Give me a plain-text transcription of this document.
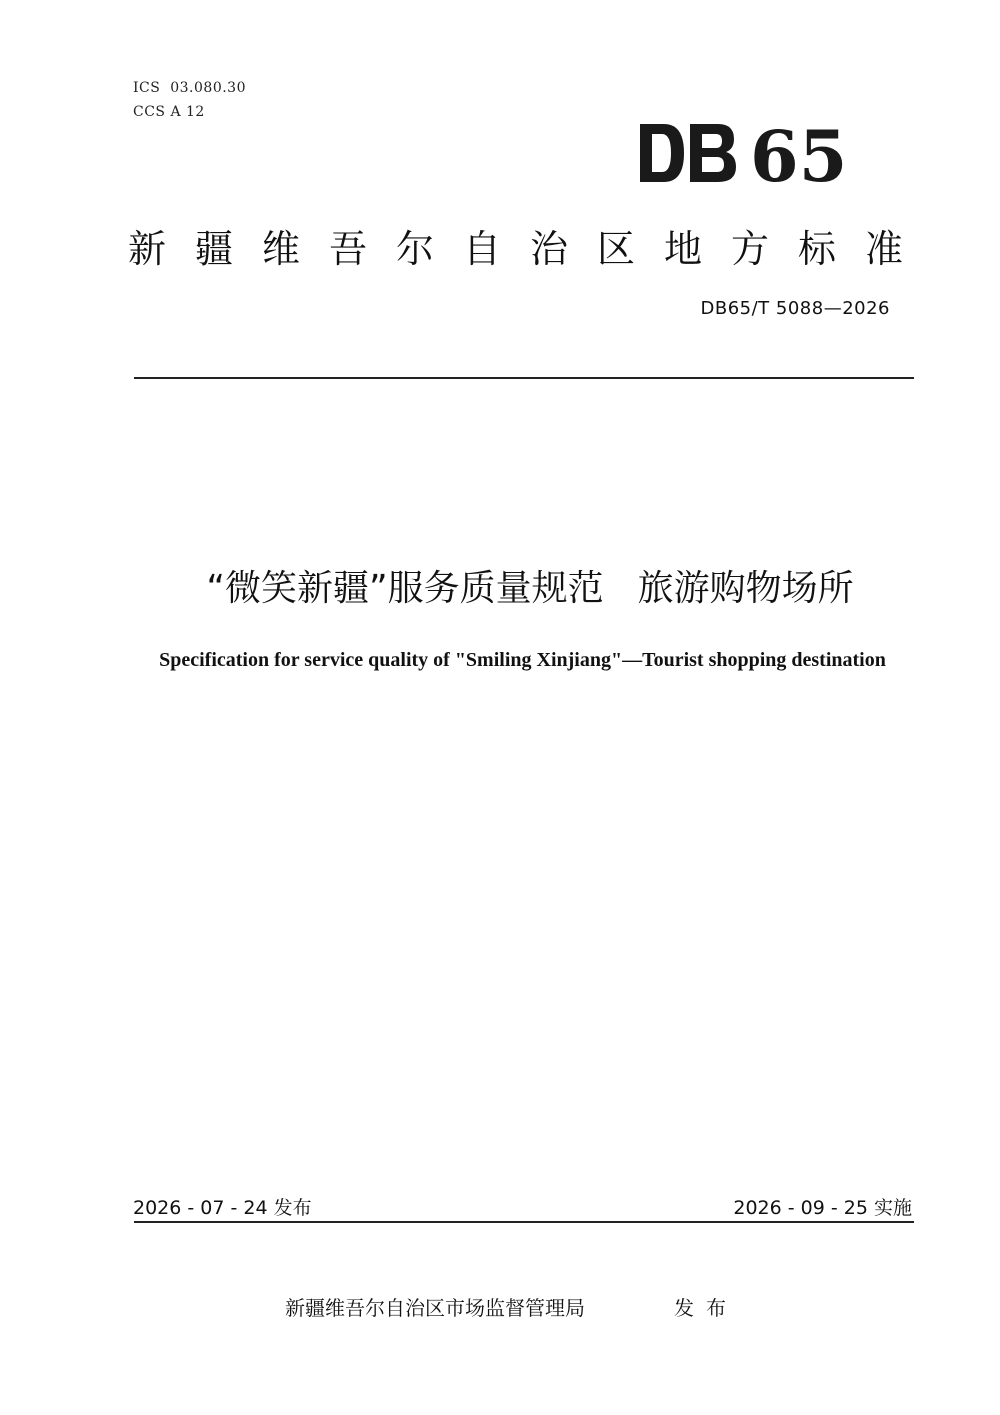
ICS  03.080.30
CCS A 12
65
新疆维吾尔自治区地方标准
DB65/T 5088—2026
“微笑新疆”服务质量规范 旅游购物场所
Specification for service quality of "Smiling Xinjiang"—Tourist shopping destination
2026 - 07 - 24 发布	2026 - 09 - 25 实施
新疆维吾尔自治区市场监督管理局	发布
